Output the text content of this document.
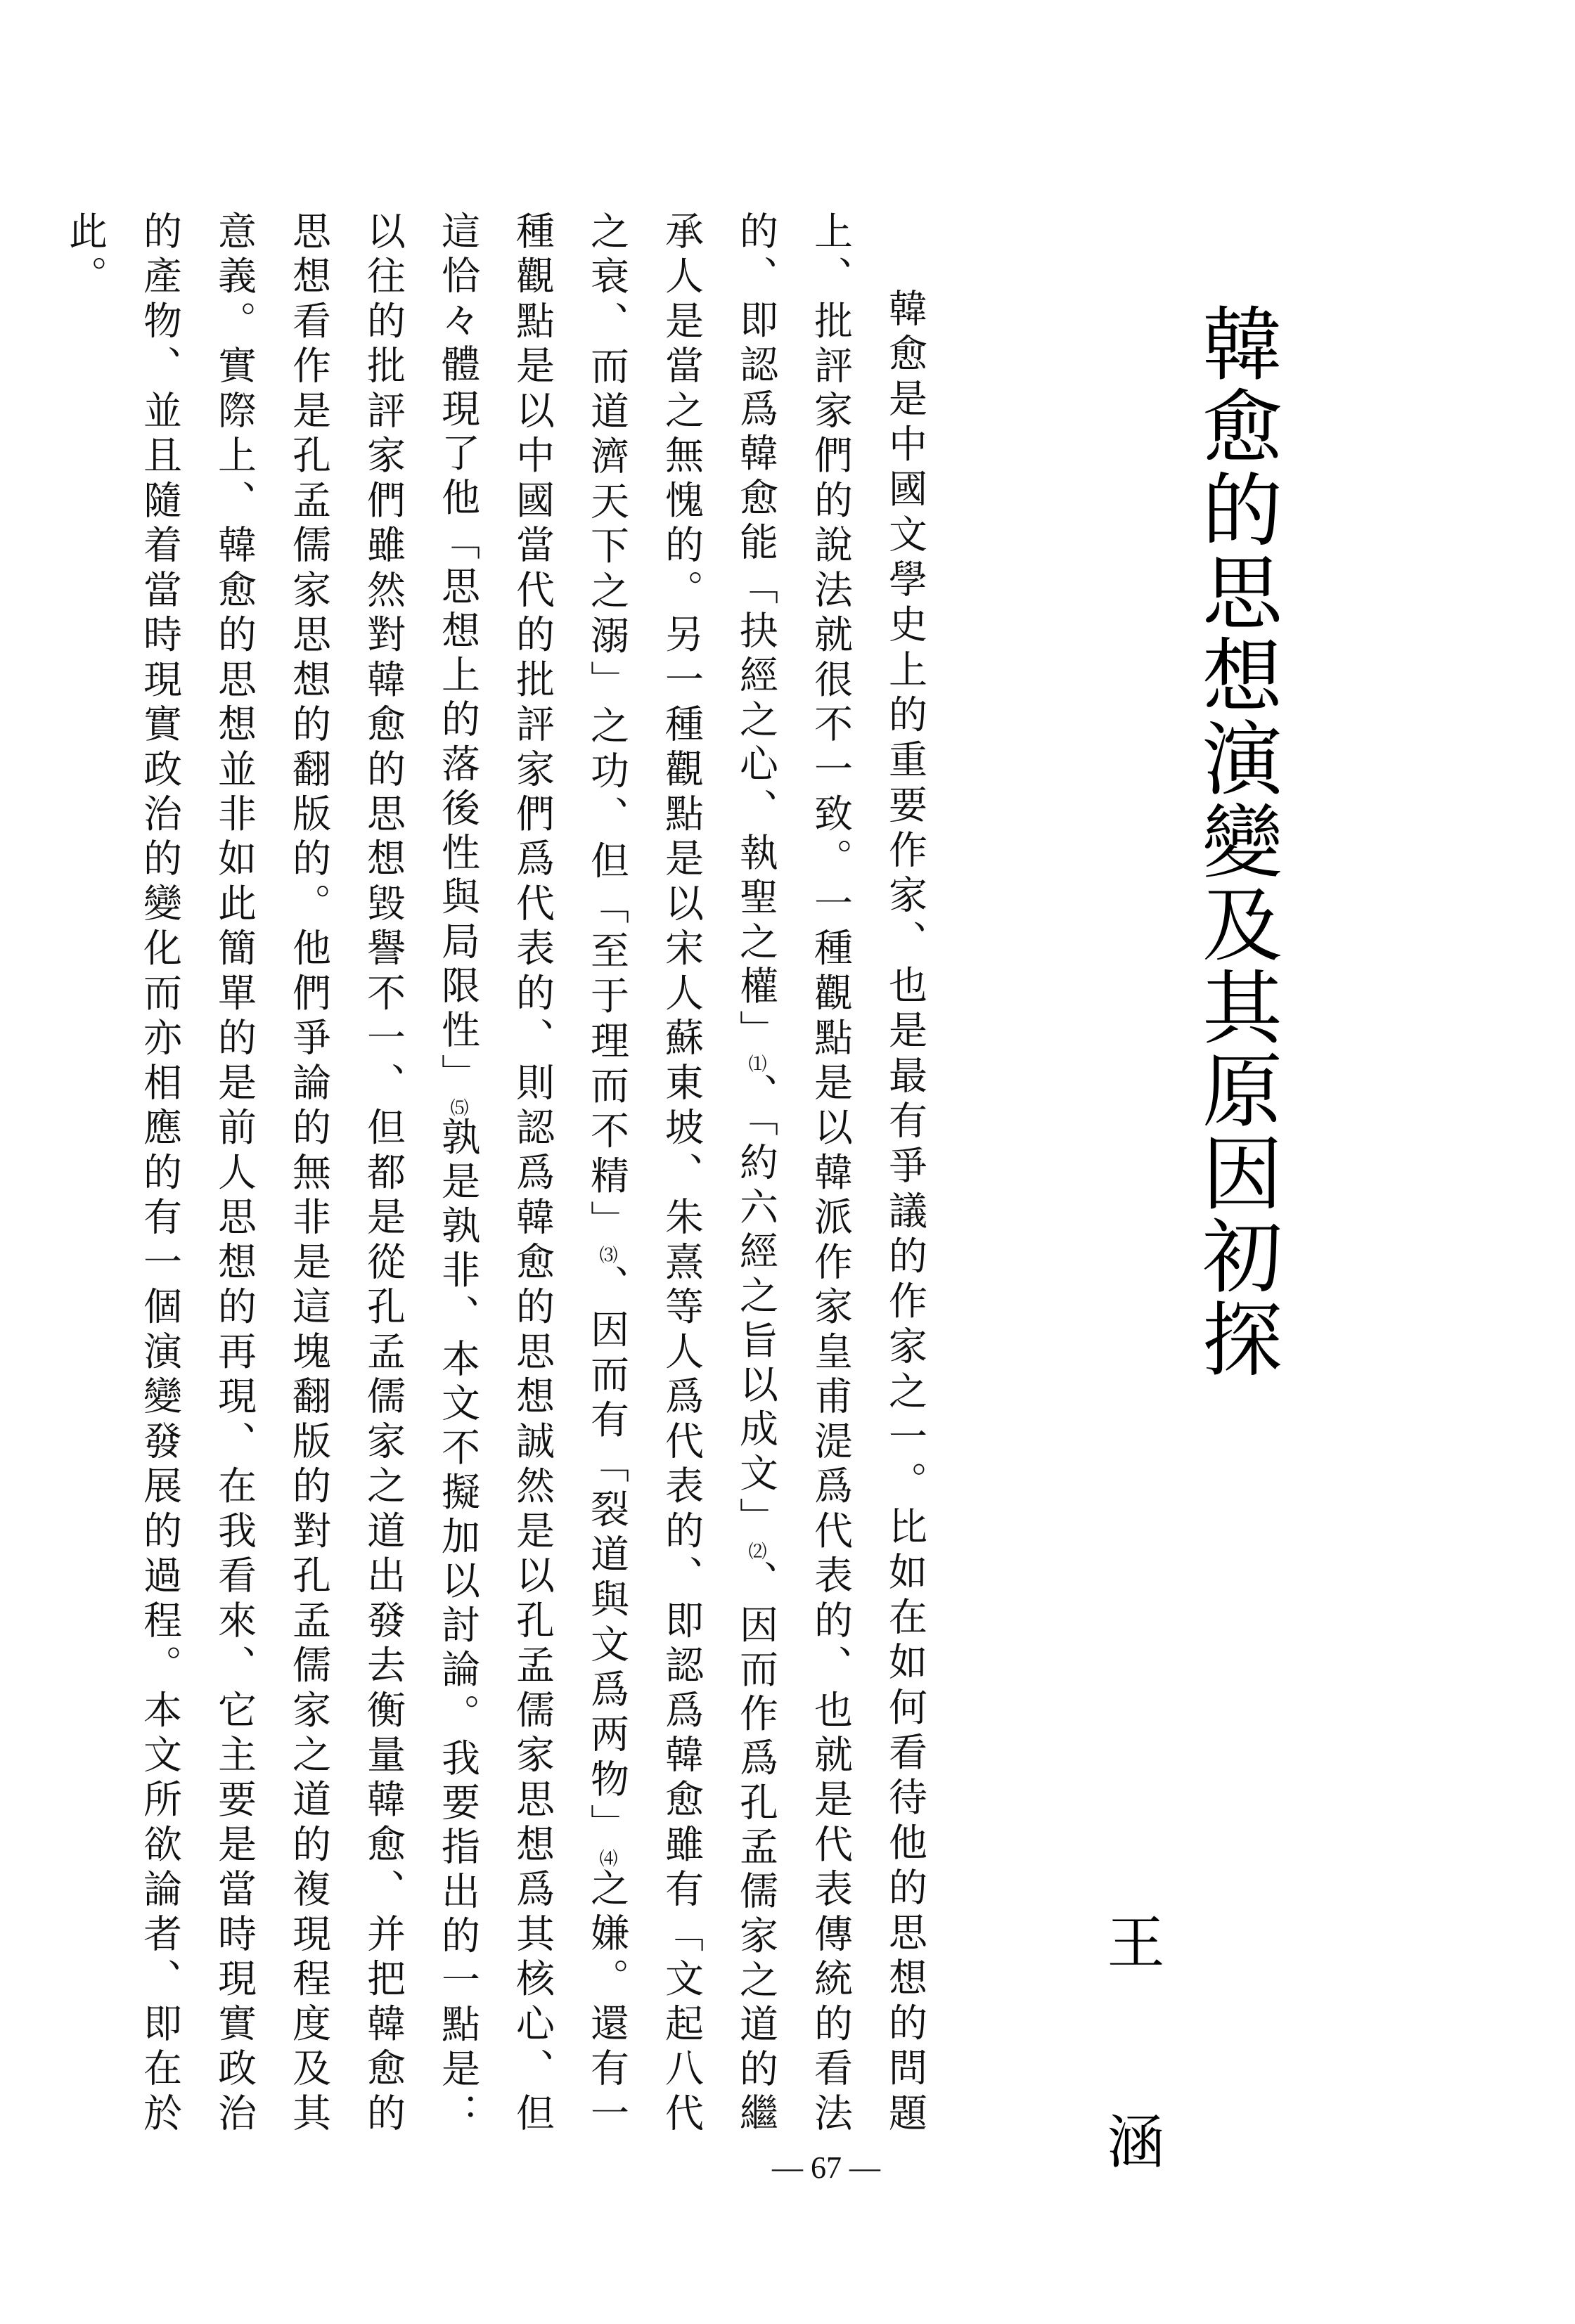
韓愈的思想演變及其原因初探
王　涵

韓愈是中國文學史上的重要作家、也是最有爭議的作家之一。比如在如何看待他的思想的問題上、批評家們的說法就很不一致。一種觀點是以韓派作家皇甫湜爲代表的、也就是代表傳統的看法的、即認爲韓愈能「抉經之心、執聖之權」⑴、「約六經之旨以成文」⑵、因而作爲孔孟儒家之道的繼承人是當之無愧的。另一種觀點是以宋人蘇東坡、朱熹等人爲代表的、即認爲韓愈雖有「文起八代之衰、而道濟天下之溺」之功、但「至于理而不精」⑶、因而有「裂道與文爲两物」⑷之嫌。還有一種觀點是以中國當代的批評家們爲代表的、則認爲韓愈的思想誠然是以孔孟儒家思想爲其核心、但這恰々體現了他「思想上的落後性與局限性」⑸孰是孰非、本文不擬加以討論。我要指出的一點是：以往的批評家們雖然對韓愈的思想毀譽不一、但都是從孔孟儒家之道出發去衡量韓愈、并把韓愈的思想看作是孔孟儒家思想的翻版的。他們爭論的無非是這塊翻版的對孔孟儒家之道的複現程度及其意義。實際上、韓愈的思想並非如此簡單的是前人思想的再現、在我看來、它主要是當時現實政治的產物、並且隨着當時現實政治的變化而亦相應的有一個演變發展的過程。本文所欲論者、即在於此。

— 67 —
